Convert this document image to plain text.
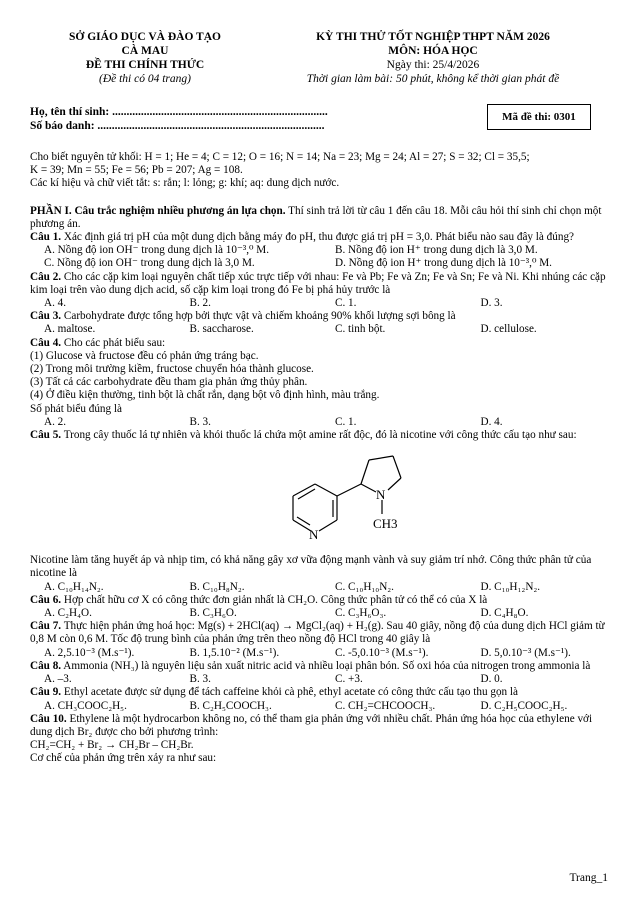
SỞ GIÁO DỤC VÀ ĐÀO TẠO
CÀ MAU
ĐỀ THI CHÍNH THỨC
(Đề thi có 04 trang)
KỲ THI THỬ TỐT NGHIỆP THPT NĂM 2026
MÔN: HÓA HỌC
Ngày thi: 25/4/2026
Thời gian làm bài: 50 phút, không kể thời gian phát đề
Họ, tên thí sinh: ...........................................................................
Số báo danh: ...............................................................................
Mã đề thi: 0301

Cho biết nguyên tử khối: H = 1; He = 4; C = 12; O = 16; N = 14; Na = 23; Mg = 24; Al = 27; S = 32; Cl = 35,5;

K = 39; Mn = 55; Fe = 56; Pb = 207; Ag = 108.

Các kí hiệu và chữ viết tắt: s: rắn; l: lỏng; g: khí; aq: dung dịch nước.

PHẦN I. Câu trắc nghiệm nhiều phương án lựa chọn. Thí sinh trả lời từ câu 1 đến câu 18. Mỗi câu hỏi thí sinh chỉ chọn một phương án.

Câu 1. Xác định giá trị pH của một dung dịch bằng máy đo pH, thu được giá trị pH = 3,0. Phát biểu nào sau đây là đúng?

A. Nồng độ ion OH⁻ trong dung dịch là 10⁻³,⁰ M.	B. Nồng độ ion H⁺ trong dung dịch là 3,0 M.
C. Nồng độ ion OH⁻ trong dung dịch là 3,0 M.	D. Nồng độ ion H⁺ trong dung dịch là 10⁻³,⁰ M.

Câu 2. Cho các cặp kim loại nguyên chất tiếp xúc trực tiếp với nhau: Fe và Pb; Fe và Zn; Fe và Sn; Fe và Ni. Khi nhúng các cặp kim loại trên vào dung dịch acid, số cặp kim loại trong đó Fe bị phá hủy trước là

A. 4.	B. 2.	C. 1.	D. 3.

Câu 3. Carbohydrate được tổng hợp bởi thực vật và chiếm khoảng 90% khối lượng sợi bông là

A. maltose.	B. saccharose.	C. tinh bột.	D. cellulose.

Câu 4. Cho các phát biểu sau:

(1) Glucose và fructose đều có phản ứng tráng bạc.

(2) Trong môi trường kiềm, fructose chuyển hóa thành glucose.

(3) Tất cả các carbohydrate đều tham gia phản ứng thủy phân.

(4) Ở điều kiện thường, tinh bột là chất rắn, dạng bột vô định hình, màu trắng.

Số phát biểu đúng là

A. 2.	B. 3.	C. 1.	D. 4.

Câu 5. Trong cây thuốc lá tự nhiên và khói thuốc lá chứa một amine rất độc, đó là nicotine với công thức cấu tạo như sau:

N
N
CH3

Nicotine làm tăng huyết áp và nhịp tim, có khả năng gây xơ vữa động mạnh vành và suy giảm trí nhớ. Công thức phân tử của nicotine là

A. C₁₀H₁₄N₂.	B. C₁₀H₈N₂.	C. C₁₀H₁₀N₂.	D. C₁₀H₁₂N₂.

Câu 6. Hợp chất hữu cơ X có công thức đơn giản nhất là CH₂O. Công thức phân tử có thể có của X là

A. C₂H₄O.	B. C₃H₆O.	C. C₃H₆O₃.	D. C₄H₈O.

Câu 7. Thực hiện phản ứng hoá học: Mg(s) + 2HCl(aq) → MgCl₂(aq) + H₂(g). Sau 40 giây, nồng độ của dung dịch HCl giảm từ 0,8 M còn 0,6 M. Tốc độ trung bình của phản ứng trên theo nồng độ HCl trong 40 giây là

A. 2,5.10⁻³ (M.s⁻¹).	B. 1,5.10⁻² (M.s⁻¹).	C. -5,0.10⁻³ (M.s⁻¹).	D. 5,0.10⁻³ (M.s⁻¹).

Câu 8. Ammonia (NH₃) là nguyên liệu sản xuất nitric acid và nhiều loại phân bón. Số oxi hóa của nitrogen trong ammonia là

A. –3.	B. 3.	C. +3.	D. 0.

Câu 9. Ethyl acetate được sử dụng để tách caffeine khỏi cà phê, ethyl acetate có công thức cấu tạo thu gọn là

A. CH₃COOC₂H₅.	B. C₂H₅COOCH₃.	C. CH₂=CHCOOCH₃.	D. C₂H₅COOC₂H₅.

Câu 10. Ethylene là một hydrocarbon không no, có thể tham gia phản ứng với nhiều chất. Phản ứng hóa học của ethylene với dung dịch Br₂ được cho bởi phương trình:

CH₂=CH₂ + Br₂ → CH₂Br – CH₂Br.

Cơ chế của phản ứng trên xảy ra như sau:

Trang_1
